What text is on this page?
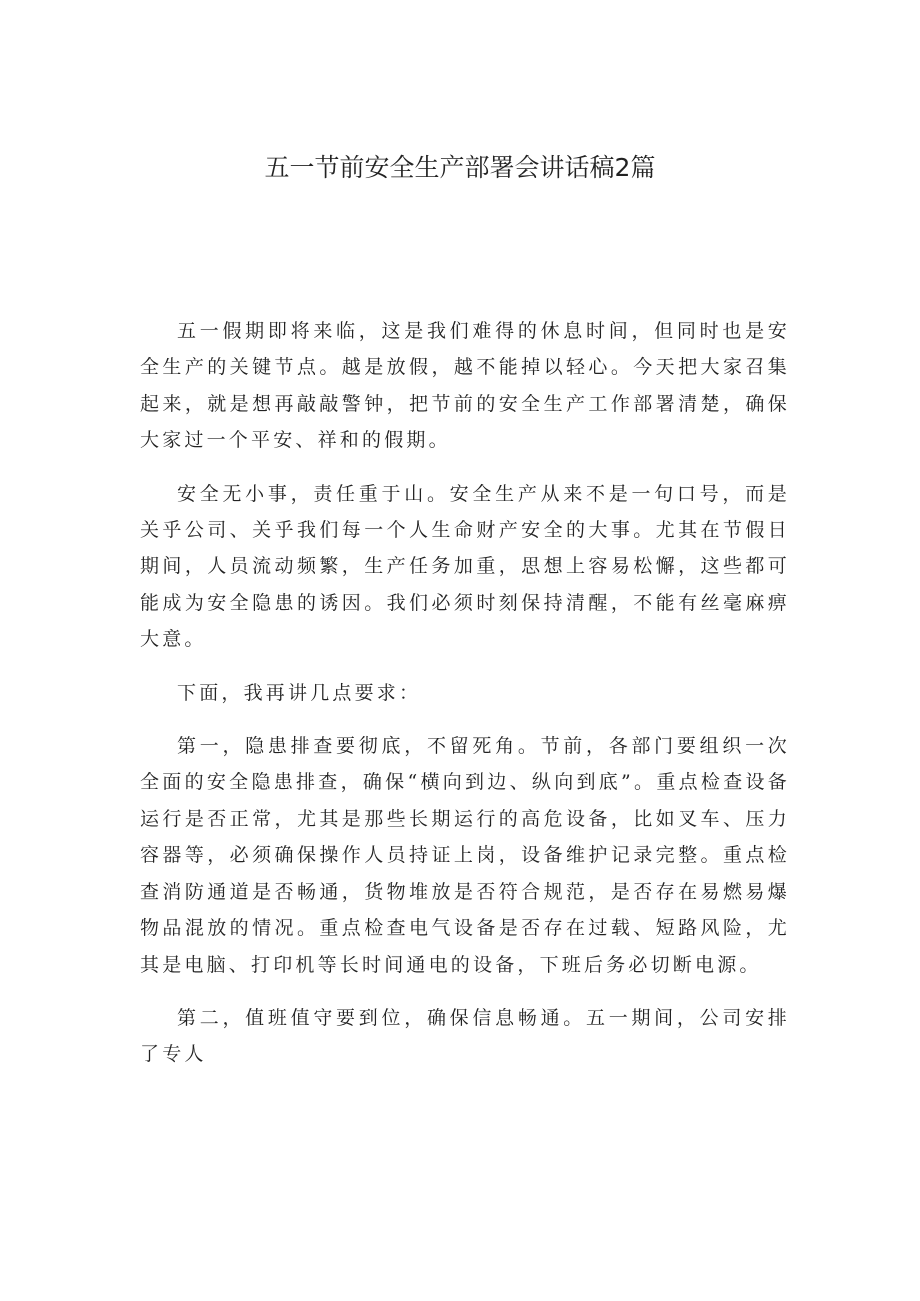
五一节前安全生产部署会讲话稿2篇

五一假期即将来临，这是我们难得的休息时间，但同时也是安全生产的关键节点。越是放假，越不能掉以轻心。今天把大家召集起来，就是想再敲敲警钟，把节前的安全生产工作部署清楚，确保大家过一个平安、祥和的假期。

安全无小事，责任重于山。安全生产从来不是一句口号，而是关乎公司、关乎我们每一个人生命财产安全的大事。尤其在节假日期间，人员流动频繁，生产任务加重，思想上容易松懈，这些都可能成为安全隐患的诱因。我们必须时刻保持清醒，不能有丝毫麻痹大意。

下面，我再讲几点要求：

第一，隐患排查要彻底，不留死角。节前，各部门要组织一次全面的安全隐患排查，确保“横向到边、纵向到底”。重点检查设备运行是否正常，尤其是那些长期运行的高危设备，比如叉车、压力容器等，必须确保操作人员持证上岗，设备维护记录完整。重点检查消防通道是否畅通，货物堆放是否符合规范，是否存在易燃易爆物品混放的情况。重点检查电气设备是否存在过载、短路风险，尤其是电脑、打印机等长时间通电的设备，下班后务必切断电源。

第二，值班值守要到位，确保信息畅通。五一期间，公司安排了专人
